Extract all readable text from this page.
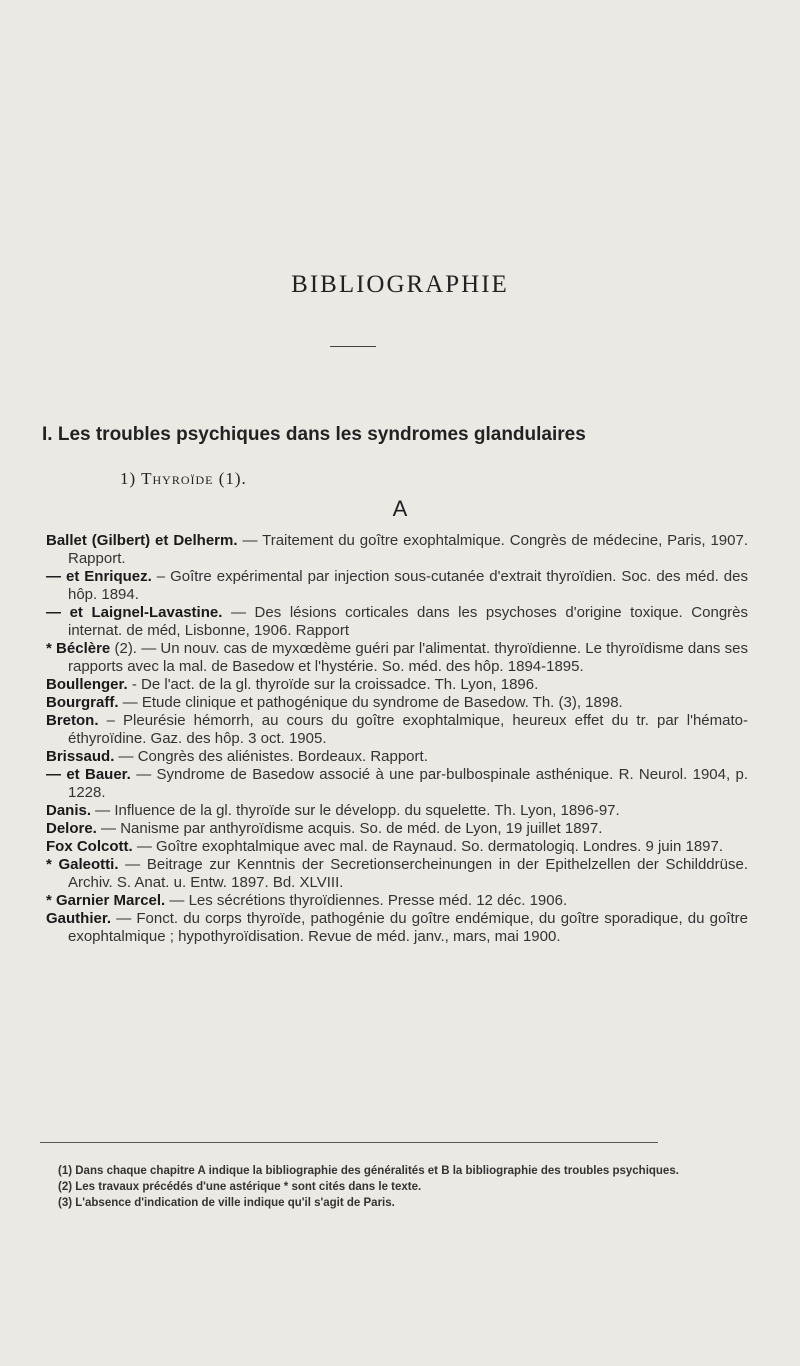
BIBLIOGRAPHIE
I. Les troubles psychiques dans les syndromes glandulaires
1) Thyroïde (1).
A

Ballet (Gilbert) et Delherm. — Traitement du goître exophtalmique. Congrès de médecine, Paris, 1907. Rapport.

— et Enriquez. – Goître expérimental par injection sous-cutanée d'extrait thyroïdien. Soc. des méd. des hôp. 1894.

— et Laignel-Lavastine. — Des lésions corticales dans les psychoses d'origine toxique. Congrès internat. de méd, Lisbonne, 1906. Rapport

* Béclère (2). — Un nouv. cas de myxœdème guéri par l'alimentat. thyroïdienne. Le thyroïdisme dans ses rapports avec la mal. de Basedow et l'hystérie. So. méd. des hôp. 1894-1895.

Boullenger. - De l'act. de la gl. thyroïde sur la croissadce. Th. Lyon, 1896.

Bourgraff. — Etude clinique et pathogénique du syndrome de Basedow. Th. (3), 1898.

Breton. – Pleurésie hémorrh, au cours du goître exophtalmique, heureux effet du tr. par l'hémato-éthyroïdine. Gaz. des hôp. 3 oct. 1905.

Brissaud. — Congrès des aliénistes. Bordeaux. Rapport.

— et Bauer. — Syndrome de Basedow associé à une par-bulbospinale asthénique. R. Neurol. 1904, p. 1228.

Danis. — Influence de la gl. thyroïde sur le développ. du squelette. Th. Lyon, 1896-97.

Delore. — Nanisme par anthyroïdisme acquis. So. de méd. de Lyon, 19 juillet 1897.

Fox Colcott. — Goître exophtalmique avec mal. de Raynaud. So. dermatologiq. Londres. 9 juin 1897.

* Galeotti. — Beitrage zur Kenntnis der Secretionsercheinungen in der Epithelzellen der Schilddrüse. Archiv. S. Anat. u. Entw. 1897. Bd. XLVIII.

* Garnier Marcel. — Les sécrétions thyroïdiennes. Presse méd. 12 déc. 1906.

Gauthier. — Fonct. du corps thyroïde, pathogénie du goître endémique, du goître sporadique, du goître exophtalmique ; hypothyroïdisation. Revue de méd. janv., mars, mai 1900.

(1) Dans chaque chapitre A indique la bibliographie des généralités et B la bibliographie des troubles psychiques.

(2) Les travaux précédés d'une astérique * sont cités dans le texte.

(3) L'absence d'indication de ville indique qu'il s'agit de Paris.
